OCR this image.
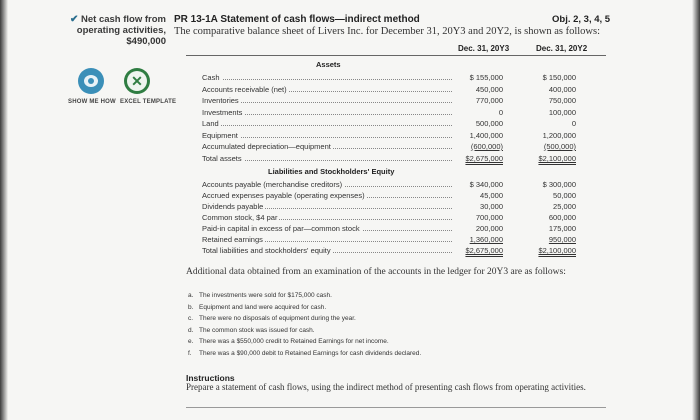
✔ Net cash flow from
operating activities,
$490,000
✕
SHOW ME HOW EXCEL TEMPLATE
PR 13-1A Statement of cash flows—indirect method	Obj. 2, 3, 4, 5
The comparative balance sheet of Livers Inc. for December 31, 20Y3 and 20Y2, is shown as follows:
Dec. 31, 20Y3	Dec. 31, 20Y2
Assets
Cash	$ 155,000	$ 150,000
Accounts receivable (net)	450,000	400,000
Inventories	770,000	750,000
Investments	0	100,000
Land	500,000	0
Equipment	1,400,000	1,200,000
Accumulated depreciation—equipment	(600,000)	(500,000)
Total assets	$2,675,000	$2,100,000
Liabilities and Stockholders' Equity
Accounts payable (merchandise creditors)	$ 340,000	$ 300,000
Accrued expenses payable (operating expenses)	45,000	50,000
Dividends payable	30,000	25,000
Common stock, $4 par	700,000	600,000
Paid-in capital in excess of par—common stock	200,000	175,000
Retained earnings	1,360,000	950,000
Total liabilities and stockholders' equity	$2,675,000	$2,100,000
Additional data obtained from an examination of the accounts in the ledger for 20Y3 are as follows:
a. The investments were sold for $175,000 cash.
b. Equipment and land were acquired for cash.
c. There were no disposals of equipment during the year.
d. The common stock was issued for cash.
e. There was a $550,000 credit to Retained Earnings for net income.
f. There was a $90,000 debit to Retained Earnings for cash dividends declared.
Instructions
Prepare a statement of cash flows, using the indirect method of presenting cash flows from operating activities.
